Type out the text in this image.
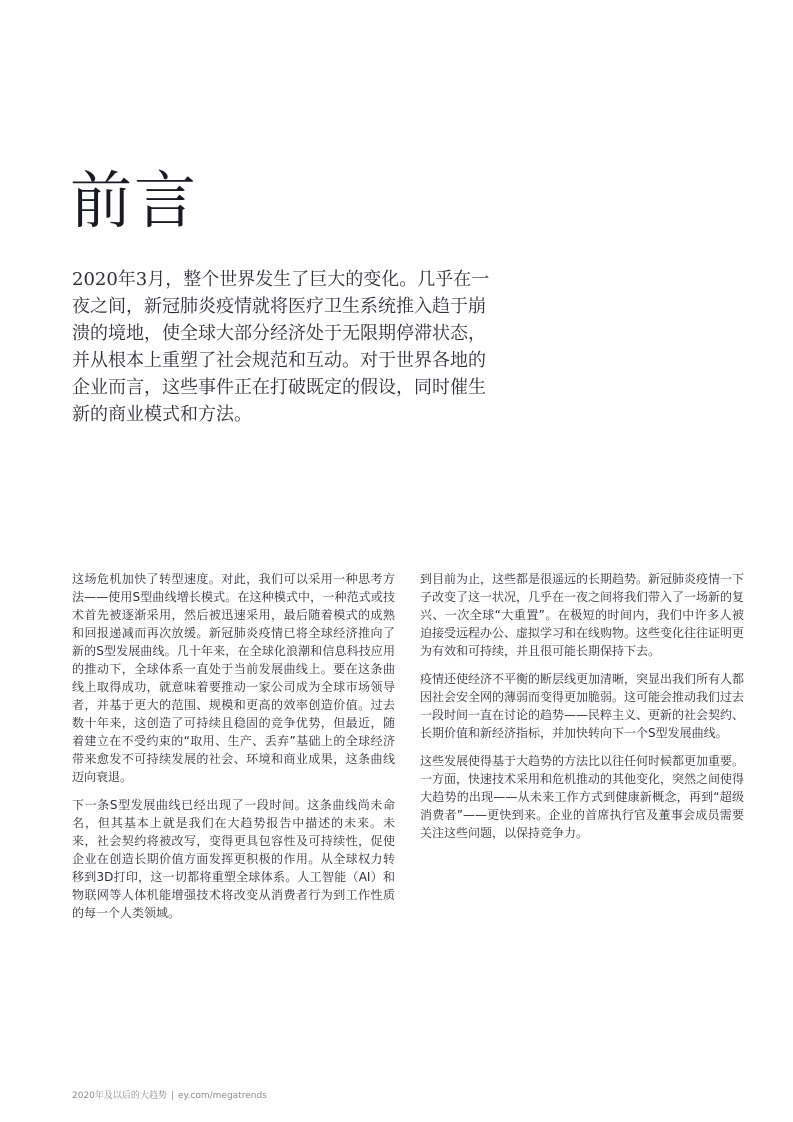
前言

2020年3月，整个世界发生了巨大的变化。几乎在一夜之间，新冠肺炎疫情就将医疗卫生系统推入趋于崩溃的境地，使全球大部分经济处于无限期停滞状态，并从根本上重塑了社会规范和互动。对于世界各地的企业而言，这些事件正在打破既定的假设，同时催生新的商业模式和方法。

这场危机加快了转型速度。对此，我们可以采用一种思考方法——使用S型曲线增长模式。在这种模式中，一种范式或技术首先被逐渐采用，然后被迅速采用，最后随着模式的成熟和回报递减而再次放缓。新冠肺炎疫情已将全球经济推向了新的S型发展曲线。几十年来，在全球化浪潮和信息科技应用的推动下，全球体系一直处于当前发展曲线上。要在这条曲线上取得成功，就意味着要推动一家公司成为全球市场领导者，并基于更大的范围、规模和更高的效率创造价值。过去数十年来，这创造了可持续且稳固的竞争优势，但最近，随着建立在不受约束的“取用、生产、丢弃”基础上的全球经济带来愈发不可持续发展的社会、环境和商业成果，这条曲线迈向衰退。

下一条S型发展曲线已经出现了一段时间。这条曲线尚未命名，但其基本上就是我们在大趋势报告中描述的未来。未来，社会契约将被改写，变得更具包容性及可持续性，促使企业在创造长期价值方面发挥更积极的作用。从全球权力转移到3D打印，这一切都将重塑全球体系。人工智能（AI）和物联网等人体机能增强技术将改变从消费者行为到工作性质的每一个人类领域。

到目前为止，这些都是很遥远的长期趋势。新冠肺炎疫情一下子改变了这一状况，几乎在一夜之间将我们带入了一场新的复兴、一次全球“大重置”。在极短的时间内，我们中许多人被迫接受远程办公、虚拟学习和在线购物。这些变化往往证明更为有效和可持续，并且很可能长期保持下去。

疫情还使经济不平衡的断层线更加清晰，突显出我们所有人都因社会安全网的薄弱而变得更加脆弱。这可能会推动我们过去一段时间一直在讨论的趋势——民粹主义、更新的社会契约、长期价值和新经济指标，并加快转向下一个S型发展曲线。

这些发展使得基于大趋势的方法比以往任何时候都更加重要。一方面，快速技术采用和危机推动的其他变化，突然之间使得大趋势的出现——从未来工作方式到健康新概念，再到“超级消费者”——更快到来。企业的首席执行官及董事会成员需要关注这些问题，以保持竞争力。

2020年及以后的大趋势 | ey.com/megatrends
